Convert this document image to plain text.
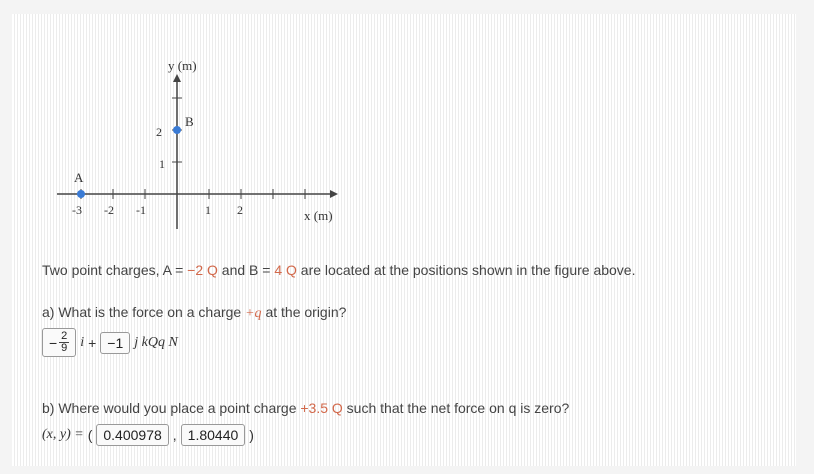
-3 -2 -1	1 2
2
1
y (m)
x (m)
A
B
Two point charges, A = −2 Q and B = 4 Q are located at the positions shown in the figure above.
a) What is the force on a charge +q at the origin?
− $\frac{2}{9}$ i + −1 j kQq N
b) Where would you place a point charge +3.5 Q such that the net force on q is zero?
(x, y) = ( 0.400978 , 1.80440 )
